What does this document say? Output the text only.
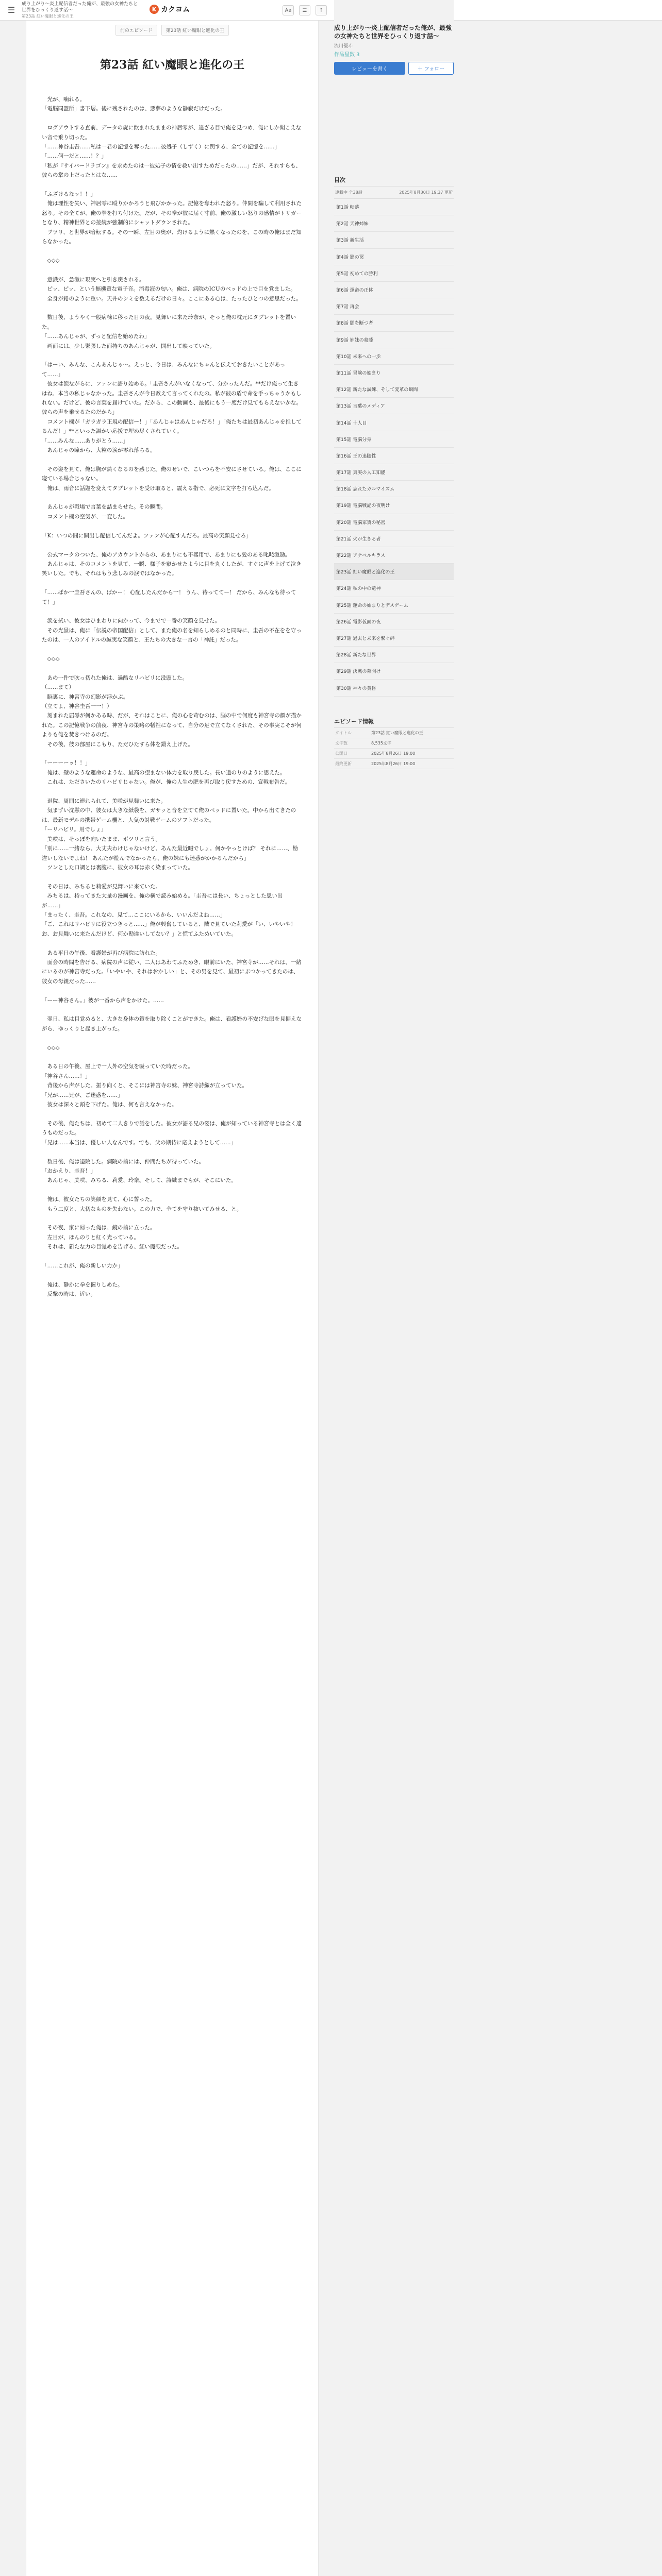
☰
成り上がり〜炎上配信者だった俺が、最強の女神たちと世界をひっくり返す話〜
第23話 紅い魔眼と進化の王
K カクヨム	Aa	☰	↑
前のエピソード	第23話 紅い魔眼と進化の王
第23話 紅い魔眼と進化の王
　光が、噛れる。
「電脳同盟所」書下層。後に残されたのは、悪夢のような静寂だけだった。

　ログアウトする直前、データの旋に飲まれたままの神居零が、遠ざる目で俺を見つめ、俺にしか聞こえない音で乗り切った。
「……神谷圭吾……私は一君の記憶を奪った……彼処子（しずく）に関する、全ての記憶を……」
「……何一だと……！？」
「私が『サイバードラゴン』を求めたのは一彼処子の情を救い出すためだったの……」だが、それすらも、彼らの掌の上だったとはな……

「ふざけるなッ！！」
　俺は理性を失い、神居零に殴りかかろうと飛びかかった。記憶を奪われた怒り。仲間を騙して利用された怒り。その全てが、俺の拳を打ち付けた。だが、その拳が彼に届く寸前、俺の激しい怒りの感情がトリガーとなり、精神世界との接続が強制的にシャットダウンされた。
　ブツリ、と世界が暗転する。その一瞬、左目の奥が、灼けるように熱くなったのを、この時の俺はまだ知らなかった。

　◇◇◇

　意識が、急激に現実へと引き戻される。
　ピッ、ピッ、という無機質な電子音。消毒液の匂い。俺は、病院のICUのベッドの上で目を覚ました。
　全身が鉛のように重い。天井のシミを数えるだけの日々。ここにある心は、たったひとつの意思だった。

　数日後、ようやく一般病棟に移った日の夜。見舞いに来た玲奈が、そっと俺の枕元にタブレットを置いた。
「……あんじゃが、ずっと配信を始めたわ」
　画面には、少し緊張した面持ちのあんじゃが、開出して映っていた。

「はーい、みんな、こんあんじゃ〜。えっと、今日は、みんなにちゃんと伝えておきたいことがあって……」
　彼女は涙ながらに、ファンに語り始める。「圭吾さんがいなくなって、分かったんだ。**だけ俺って生きはね、本当の私じゃなかった。圭吾さんが今日教えて言ってくれたの。私が彼の盾で命を手っちゃうかもしれない。だけど、彼の言葉を届けていた。だから、この動画も、最後にもう一度だけ見てもらえないかな。彼らの声を乗せるたのだから」
　コメント欄が「ガラガラ正規の配信ー！」「あんじゃはあんじゃだろ！」「俺たちは最初あんじゃを推してるんだ！」**といった温かい応援で埋め尽くされていく。
「……みんな……ありがとう……」
　あんじゃの瞳から、大粒の涙が零れ落ちる。

　その姿を見て、俺は胸が熱くなるのを感じた。俺のせいで、こいつらを不安にさせている。俺は、ここに寝ている場合じゃない。
　俺は、雨音に話題を変えてタブレットを受け取ると、震える指で、必死に文字を打ち込んだ。

　あんじゃが戦場で言葉を詰まらせた。その瞬間。
　コメント欄の空気が、一変した。

「K：いつの間に開出し配信してんだよ。ファンが心配すんだろ。最高の笑顔見せろ」

　公式マークのついた、俺のアカウントからの、あまりにも不器用で、あまりにも愛のある叱咤激励。
　あんじゃは、そのコメントを見て、一瞬、様子を窺かせたように目を丸くしたが、すぐに声を上げて泣き笑いした。でも、それはもう悲しみの涙ではなかった。

「……ばか一圭吾さんの、ばかー！ 心配したんだから一！ うん、待っててー！ だから、みんなも待ってて！」

　涙を拭い、彼女はひまわりに向かって、今までで一番の笑顔を見せた。
　その光景は、俺に「伝説の帝国配信」として、また俺の名を知らしめるのと同時に、圭吾の不在をを守ったのは、一人のアイドルの誠実な笑顔と、王たちの大きな一言の「神託」だった。

　◇◇◇

　あの一件で吹っ切れた俺は、過酷なリハビリに没頭した。
（……まて）
　脳裏に、神宮寺の幻影が浮かぶ。
（立てよ、神谷圭吾一一！）
　刻まれた屈辱が何かある時、だが、それはことに、俺の心を苛むのは、脳の中で何度も神宮寺の顔が描かれた。この記憶戦争の前夜、神宮寺の策略の犠牲になって、自分の足で立てなくされた、その事実こそが何よりも俺を焚きつけるのだ。
　その後、彼の部屋にこもり、ただひたすら体を鍛え上げた。

「ーーーーッ！！」
　俺は、壁のような運命のような、最高の望まない体力を取り戻した。長い道のりのように思えた。
　これは、たださいたのリハビリじゃない。俺が、俺の人生の肥を再び取り戻すための、宣戦布告だ。

　退院、周囲に連れられて、美咲が見舞いに来た。
　気まずい沈黙の中、彼女は大きな紙袋を、ガサッと音を立てて俺のベッドに置いた。中から出てきたのは、最新モデルの携帯ゲーム機と、人気の対戦ゲームのソフトだった。
「ーリハビリ。用でしょ」
　美咲は、そっぽを向いたまま、ポツリと言う。
「別に……一緒なら、大丈夫わけじゃないけど、あんた最近暇でしょ。何かやっとけば？ それに……、勘違いしないでよね！ あんたが遊んでなかったら、俺の妹にも迷惑がかかるんだから」
　ツンとした口調とは裏腹に、彼女の耳は赤く染まっていた。

　その日は、みちると莉愛が見舞いに来ていた。
　みちるは、持ってきた大量の漫画を、俺の横で読み始める。「圭吾には長い、ちょっとした思い出が……」
「まったく、圭吾。これなの、見て…ここにいるから、いいんだよね……」
「ご、これはリハビリに役立つきっと……」俺が興奮していると、隣で見ていた莉愛が「い、いやいや！お、お見舞いに来たんだけど、何か勘違いしてない？」と慌てふためいていた。

　ある平日の午後、看護婦が再び病院に訪れた。
　面会の時間を告げる、病院の声に従い、二人はあわてふためき、眼前にいた、神宮寺が……それは、一緒にいるのが神宮寺だった。「いやいや、それはおかしい」と、その男を見て、最初にぶつかってきたのは、彼女の母親だった……

「ーー神谷さん。」彼が一番から声をかけた。……

　翌日、私は目覚めると、大きな身体の鎧を取り除くことができた。俺は、看護婦の不安げな眼を見据えながら、ゆっくりと起き上がった。

　◇◇◇

　ある日の午後、屋上で一人外の空気を吸っていた時だった。
「神谷さん……！」
　背後から声がした。振り向くと、そこには神宮寺の妹、神宮寺詩織が立っていた。
「兄が……兄が、ご迷惑を……」
　彼女は深々と頭を下げた。俺は、何も言えなかった。

　その後、俺たちは、初めて二人きりで話をした。彼女が語る兄の姿は、俺が知っている神宮寺とは全く違うものだった。
「兄は……本当は、優しい人なんです。でも、父の期待に応えようとして……」

　数日後、俺は退院した。病院の前には、仲間たちが待っていた。
「おかえり、圭吾！」
　あんじゃ、美咲、みちる、莉愛、玲奈。そして、詩織までもが、そこにいた。

　俺は、彼女たちの笑顔を見て、心に誓った。
　もう二度と、大切なものを失わない。この力で、全てを守り抜いてみせる、と。

　その夜、家に帰った俺は、鏡の前に立った。
　左目が、ほんのりと紅く光っている。
　それは、新たな力の目覚めを告げる、紅い魔眼だった。

「……これが、俺の新しい力か」

　俺は、静かに拳を握りしめた。
　反撃の時は、近い。
成り上がり〜炎上配信者だった俺が、最強の女神たちと世界をひっくり返す話〜
流川優斗
作品星数 3
レビューを書く	＋ フォロー
目次
連載中 全38話	2025年8月30日 19:37 更新
第1話 転落
第2話 天神姉妹
第3話 新生活
第4話 影の罠
第5話 初めての勝利
第6話 運命の正体
第7話 再会
第8話 闇を断つ者
第9話 姉妹の葛藤
第10話 未来への一歩
第11話 冒険の始まり
第12話 新たな試練、そして変革の瞬間
第13話 言葉のメディア
第14話 十人目
第15話 電脳分身
第16話 王の追随性
第17話 真実の人工知能
第18話 忘れたカルマイズム
第19話 電脳戦記の夜明け
第20話 電脳家賃の秘密
第21話 火が生きる者
第22話 アナベルキラス
第23話 紅い魔眼と進化の王
第24話 私の中の竜神
第25話 運命の始まりとデスゲーム
第26話 電影仮面の夜
第27話 過去と未来を繋ぐ絆
第28話 新たな世界
第29話 決戦の幕開け
第30話 神々の黄昏
エピソード情報
タイトル	第23話 紅い魔眼と進化の王
文字数	8,535文字
公開日	2025年8月26日 19:00
最終更新	2025年8月26日 19:00
